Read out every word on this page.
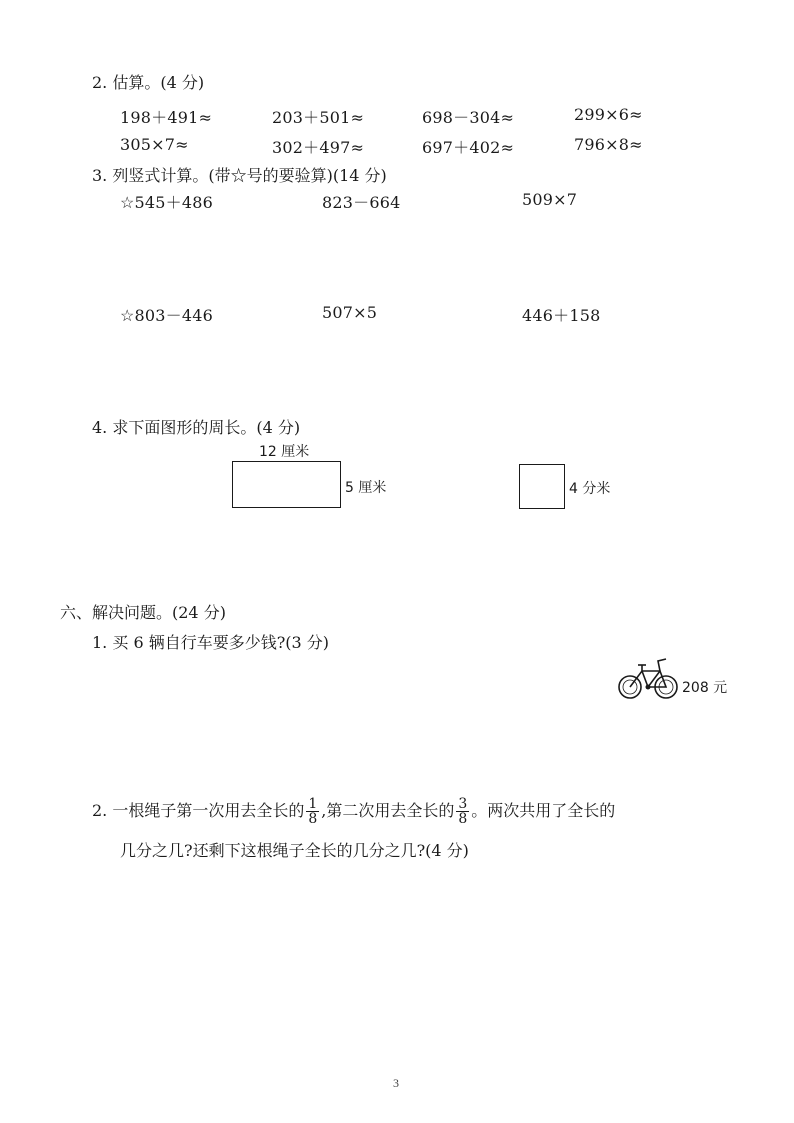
2. 估算。(4 分)
198＋491≈	203＋501≈	698－304≈	299×6≈
305×7≈	302＋497≈	697＋402≈	796×8≈
3. 列竖式计算。(带☆号的要验算)(14 分)
☆545＋486	823－664	509×7
☆803－446	507×5	446＋158
4. 求下面图形的周长。(4 分)
12 厘米
5 厘米	4 分米
六、解决问题。(24 分)
1. 买 6 辆自行车要多少钱?(3 分)
208 元
2. 一根绳子第一次用去全长的 $\frac{1}{8}$ ,第二次用去全长的 $\frac{3}{8}$ 。两次共用了全长的
几分之几?还剩下这根绳子全长的几分之几?(4 分)
3
